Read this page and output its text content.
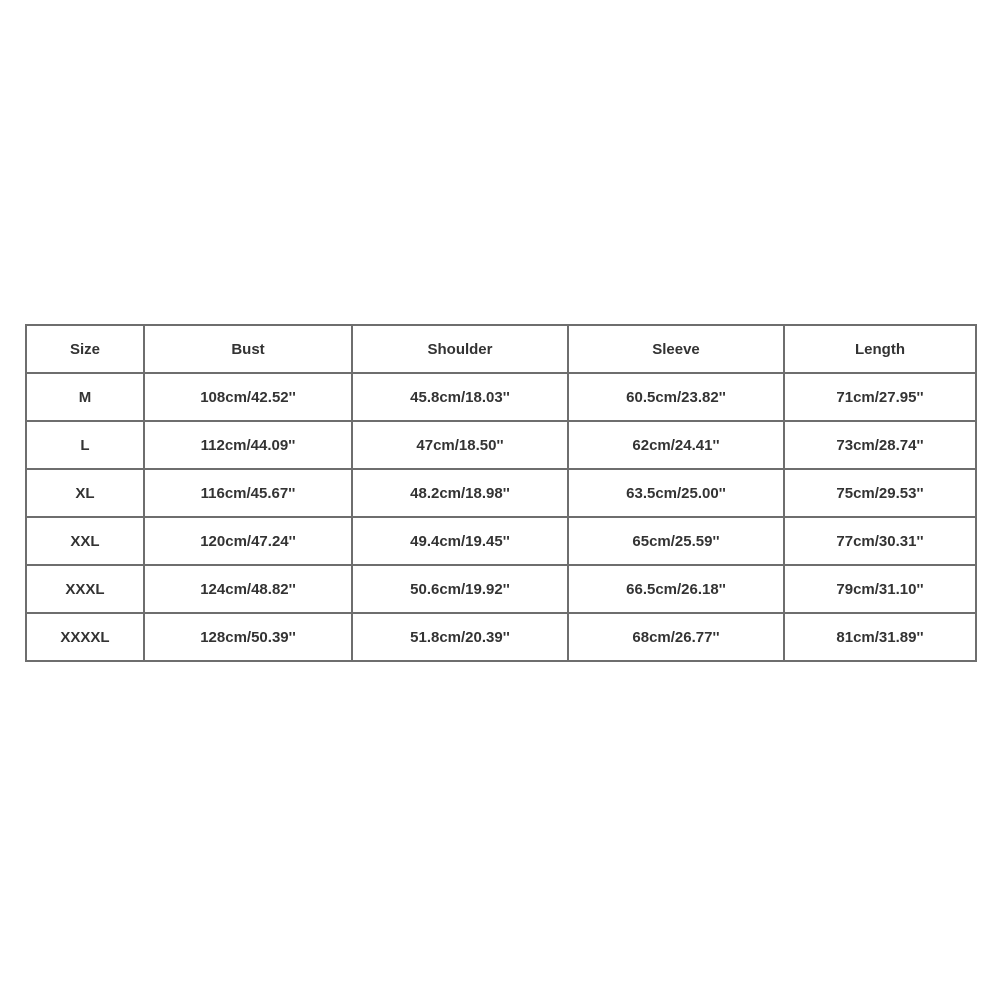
Size	Bust	Shoulder	Sleeve	Length
M	108cm/42.52''	45.8cm/18.03''	60.5cm/23.82''	71cm/27.95''
L	112cm/44.09''	47cm/18.50''	62cm/24.41''	73cm/28.74''
XL	116cm/45.67''	48.2cm/18.98''	63.5cm/25.00''	75cm/29.53''
XXL	120cm/47.24''	49.4cm/19.45''	65cm/25.59''	77cm/30.31''
XXXL	124cm/48.82''	50.6cm/19.92''	66.5cm/26.18''	79cm/31.10''
XXXXL	128cm/50.39''	51.8cm/20.39''	68cm/26.77''	81cm/31.89''
